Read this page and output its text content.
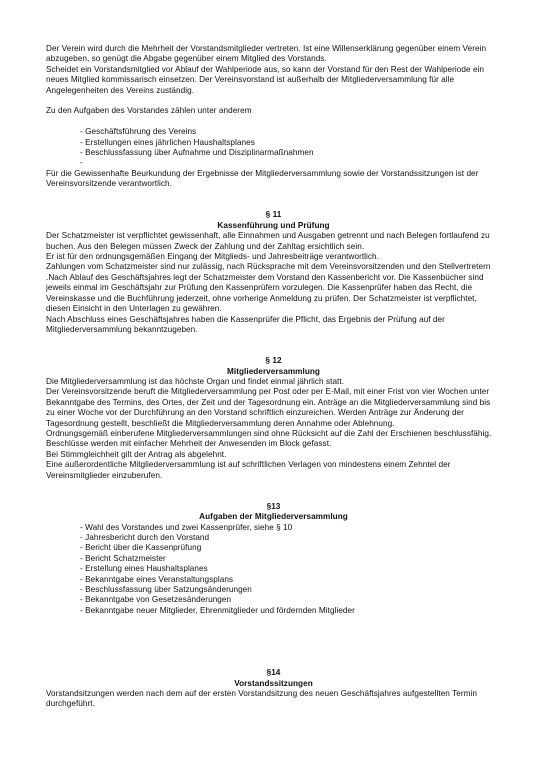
Der Verein wird durch die Mehrheit der Vorstandsmitglieder vertreten. Ist eine Willenserklärung gegenüber einem Verein abzugeben, so genügt die Abgabe gegenüber einem Mitglied des Vorstands.

Scheidet ein Vorstandsmitglied vor Ablauf der Wahlperiode aus, so kann der Vorstand für den Rest der Wahlperiode ein neues Mitglied kommissarisch einsetzen. Der Vereinsvorstand ist außerhalb der Mitgliederversammlung für alle Angelegenheiten des Vereins zuständig.

Zu den Aufgaben des Vorstandes zählen unter anderem

- Geschäftsführung des Vereins
- Erstellungen eines jährlichen Haushaltsplanes
- Beschlussfassung über Aufnahme und Disziplinarmaßnahmen
-

Für die Gewissenhafte Beurkundung der Ergebnisse der Mitgliederversammlung sowie der Vorstandssitzungen ist der Vereinsvorsitzende verantwortlich.

§ 11

Kassenführung und Prüfung

Der Schatzmeister ist verpflichtet gewissenhaft, alle Einnahmen und Ausgaben getrennt und nach Belegen fortlaufend zu buchen. Aus den Belegen müssen Zweck der Zahlung und der Zahltag ersichtlich sein.

Er ist für den ordnungsgemäßen Eingang der Mitglieds- und Jahresbeiträge verantwortlich.

Zahlungen vom Schatzmeister sind nur zulässig, nach Rücksprache mit dem Vereinsvorsitzenden und den Stellvertretern .Nach Ablauf des Geschäftsjahres legt der Schatzmeister dem Vorstand den Kassenbericht vor. Die Kassenbücher sind jeweils einmal im Geschäftsjahr zur Prüfung den Kassenprüfern vorzulegen. Die Kassenprüfer haben das Recht, die Vereinskasse und die Buchführung jederzeit, ohne vorherige Anmeldung zu prüfen. Der Schatzmeister ist verpflichtet, diesen Einsicht in den Unterlagen zu gewähren.

Nach Abschluss eines Geschäftsjahres haben die Kassenprüfer die Pflicht, das Ergebnis der Prüfung auf der Mitgliederversammlung bekanntzugeben.

§ 12

Mitgliederversammlung

Die Mitgliederversammlung ist das höchste Organ und findet einmal jährlich statt.

Der Vereinsvorsitzende beruft die Mitgliederversammlung per Post oder per E-Mail, mit einer Frist von vier Wochen unter Bekanntgabe des Termins, des Ortes, der Zeit und der Tagesordnung ein. Anträge an die Mitgliederversammlung sind bis zu einer Woche vor der Durchführung an den Vorstand schriftlich einzureichen. Werden Anträge zur Änderung der Tagesordnung gestellt, beschließt die Mitgliederversammlung deren Annahme oder Ablehnung.

Ordnungsgemäß einberufene Mitgliederversammlungen sind ohne Rücksicht auf die Zahl der Erschienen beschlussfähig. Beschlüsse werden mit einfacher Mehrheit der Anwesenden im Block gefasst.

Bei Stimmgleichheit gilt der Antrag als abgelehnt.

Eine außerordentliche Mitgliederversammlung ist auf schriftlichen Verlagen von mindestens einem Zehntel der Vereinsmitglieder einzuberufen.

§13

Aufgaben der Mitgliederversammlung

- Wahl des Vorstandes und zwei Kassenprüfer, siehe § 10
- Jahresbericht durch den Vorstand
- Bericht über die Kassenprüfung
- Bericht Schatzmeister
- Erstellung eines Haushaltsplanes
- Bekanntgabe eines Veranstaltungsplans
- Beschlussfassung über Satzungsänderungen
- Bekanntgabe von Gesetzesänderungen
- Bekanntgabe neuer Mitglieder, Ehrenmitglieder und fördernden Mitglieder

§14

Vorstandssitzungen

Vorstandsitzungen werden nach dem auf der ersten Vorstandsitzung des neuen Geschäftsjahres aufgestellten Termin durchgeführt.
